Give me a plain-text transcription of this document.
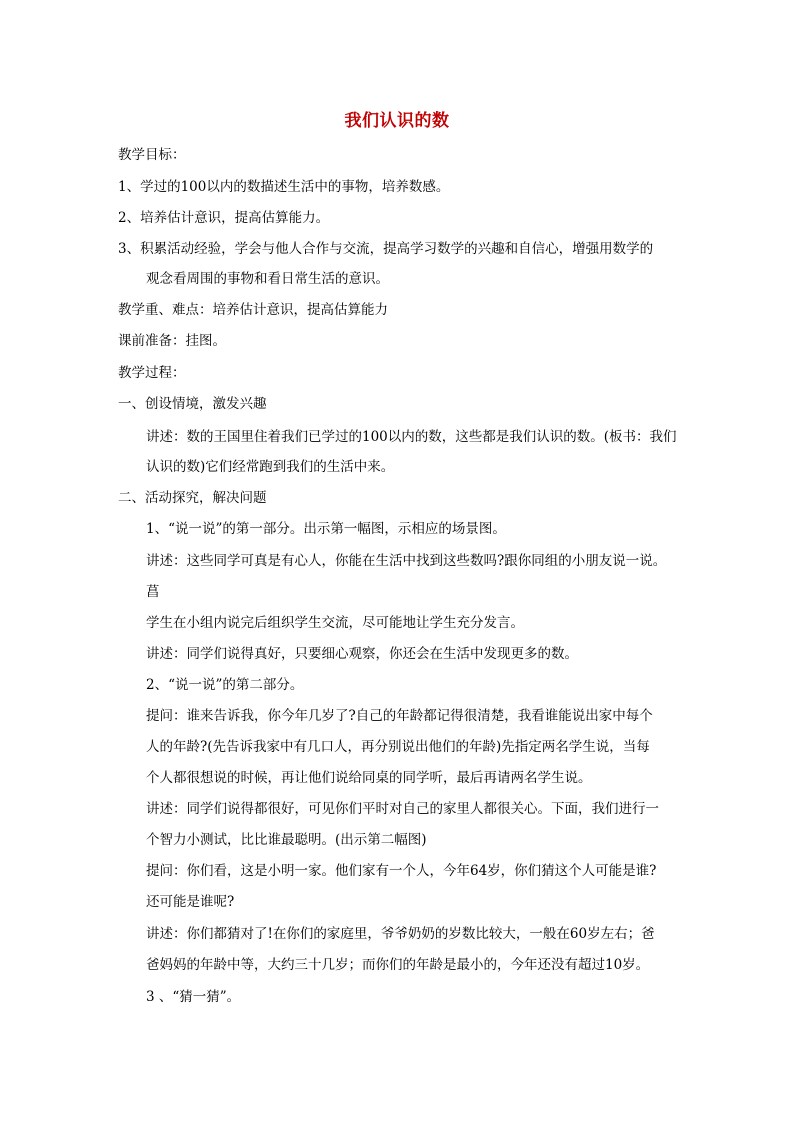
我们认识的数
教学目标：
1、学过的100以内的数描述生活中的事物，培养数感。
2、培养估计意识，提高估算能力。
3、积累活动经验，学会与他人合作与交流，提高学习数学的兴趣和自信心，增强用数学的
观念看周围的事物和看日常生活的意识。
教学重、难点：培养估计意识，提高估算能力
课前准备：挂图。
教学过程：
一、创设情境，激发兴趣
讲述：数的王国里住着我们已学过的100以内的数，这些都是我们认识的数。(板书：我们
认识的数)它们经常跑到我们的生活中来。
二、活动探究，解决问题
1、“说一说”的第一部分。出示第一幅图，示相应的场景图。
讲述：这些同学可真是有心人，你能在生活中找到这些数吗?跟你同组的小朋友说一说。
菖
学生在小组内说完后组织学生交流，尽可能地让学生充分发言。
讲述：同学们说得真好，只要细心观察，你还会在生活中发现更多的数。
2、“说一说”的第二部分。
提问：谁来告诉我，你今年几岁了?自己的年龄都记得很清楚，我看谁能说出家中每个
人的年龄?(先告诉我家中有几口人，再分别说出他们的年龄)先指定两名学生说，当每
个人都很想说的时候，再让他们说给同桌的同学听，最后再请两名学生说。
讲述：同学们说得都很好，可见你们平时对自己的家里人都很关心。下面，我们进行一
个智力小测试，比比谁最聪明。(出示第二幅图)
提问：你们看，这是小明一家。他们家有一个人，今年64岁，你们猜这个人可能是谁?
还可能是谁呢?
讲述：你们都猜对了!在你们的家庭里，爷爷奶奶的岁数比较大，一般在60岁左右；爸
爸妈妈的年龄中等，大约三十几岁；而你们的年龄是最小的，今年还没有超过10岁。
3 、“猜一猜”。
